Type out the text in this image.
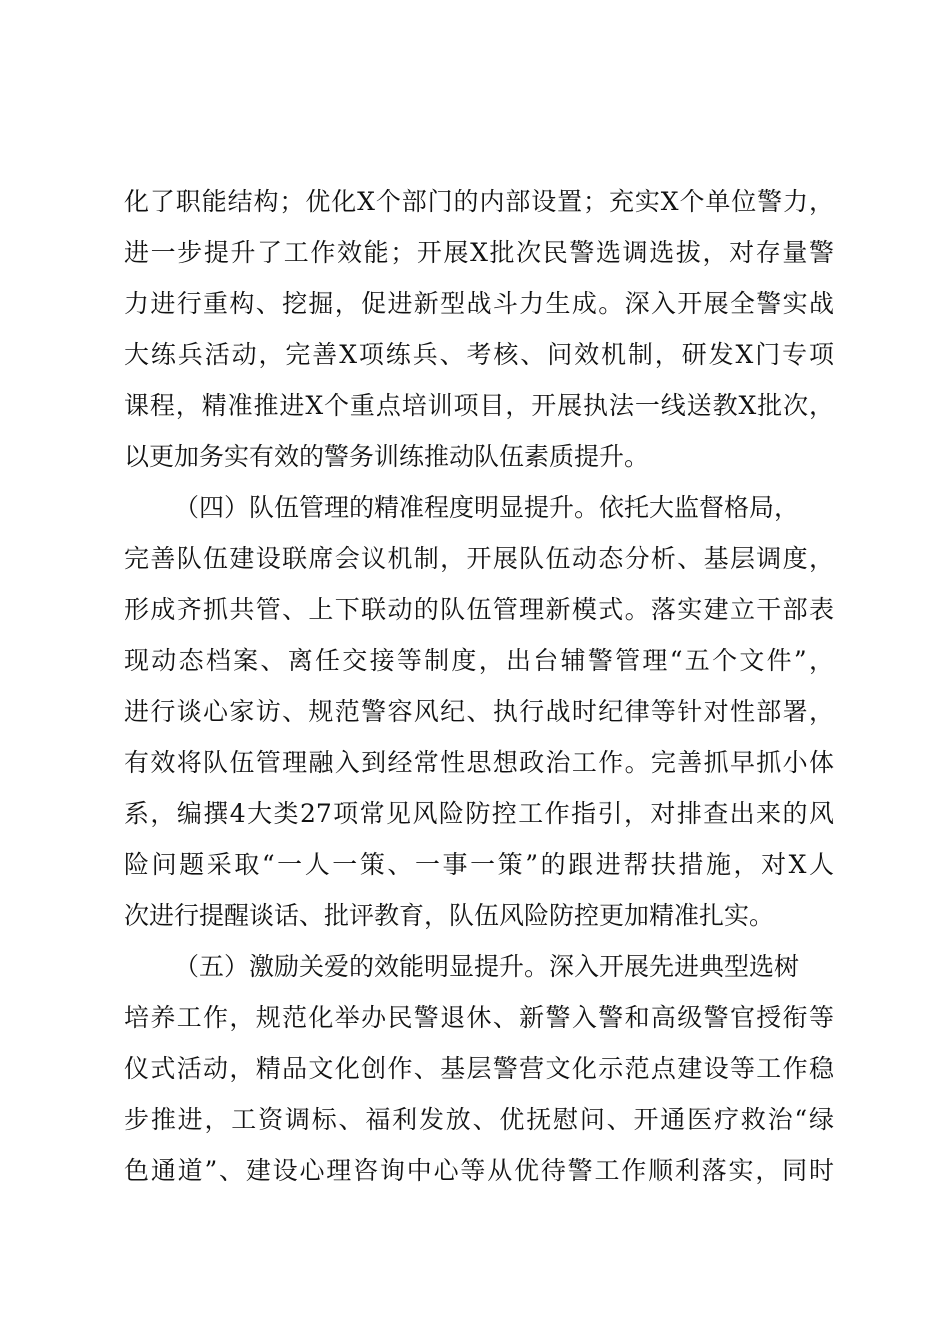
化了职能结构；优化X个部门的内部设置；充实X个单位警力，
进一步提升了工作效能；开展X批次民警选调选拔，对存量警
力进行重构、挖掘，促进新型战斗力生成。深入开展全警实战
大练兵活动，完善X项练兵、考核、问效机制，研发X门专项
课程，精准推进X个重点培训项目，开展执法一线送教X批次，
以更加务实有效的警务训练推动队伍素质提升。
（四）队伍管理的精准程度明显提升。依托大监督格局，
完善队伍建设联席会议机制，开展队伍动态分析、基层调度，
形成齐抓共管、上下联动的队伍管理新模式。落实建立干部表
现动态档案、离任交接等制度，出台辅警管理“五个文件”，
进行谈心家访、规范警容风纪、执行战时纪律等针对性部署，
有效将队伍管理融入到经常性思想政治工作。完善抓早抓小体
系，编撰4大类27项常见风险防控工作指引，对排查出来的风
险问题采取“一人一策、一事一策”的跟进帮扶措施，对X人
次进行提醒谈话、批评教育，队伍风险防控更加精准扎实。
（五）激励关爱的效能明显提升。深入开展先进典型选树
培养工作，规范化举办民警退休、新警入警和高级警官授衔等
仪式活动，精品文化创作、基层警营文化示范点建设等工作稳
步推进，工资调标、福利发放、优抚慰问、开通医疗救治“绿
色通道”、建设心理咨询中心等从优待警工作顺利落实，同时
